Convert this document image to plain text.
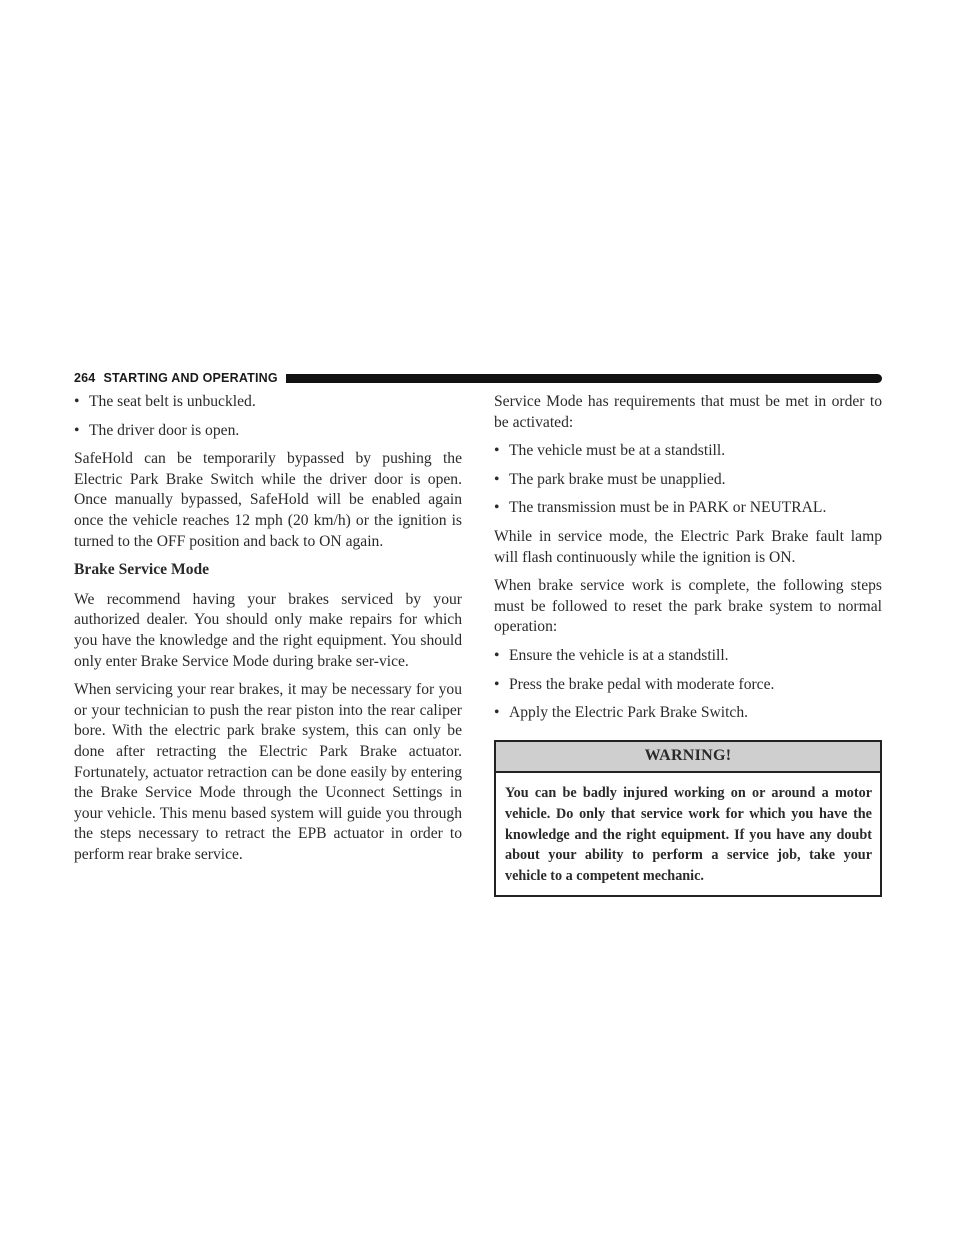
264 STARTING AND OPERATING
• The seat belt is unbuckled.
• The driver door is open.

SafeHold can be temporarily bypassed by pushing the Electric Park Brake Switch while the driver door is open. Once manually bypassed, SafeHold will be enabled again once the vehicle reaches 12 mph (20 km/h) or the ignition is turned to the OFF position and back to ON again.

Brake Service Mode

We recommend having your brakes serviced by your authorized dealer. You should only make repairs for which you have the knowledge and the right equipment. You should only enter Brake Service Mode during brake ser-vice.

When servicing your rear brakes, it may be necessary for you or your technician to push the rear piston into the rear caliper bore. With the electric park brake system, this can only be done after retracting the Electric Park Brake actuator. Fortunately, actuator retraction can be done easily by entering the Brake Service Mode through the Uconnect Settings in your vehicle. This menu based system will guide you through the steps necessary to retract the EPB actuator in order to perform rear brake service.

Service Mode has requirements that must be met in order to be activated:

• The vehicle must be at a standstill.
• The park brake must be unapplied.
• The transmission must be in PARK or NEUTRAL.

While in service mode, the Electric Park Brake fault lamp will flash continuously while the ignition is ON.

When brake service work is complete, the following steps must be followed to reset the park brake system to normal operation:

• Ensure the vehicle is at a standstill.
• Press the brake pedal with moderate force.
• Apply the Electric Park Brake Switch.
WARNING!
You can be badly injured working on or around a motor vehicle. Do only that service work for which you have the knowledge and the right equipment. If you have any doubt about your ability to perform a service job, take your vehicle to a competent mechanic.
